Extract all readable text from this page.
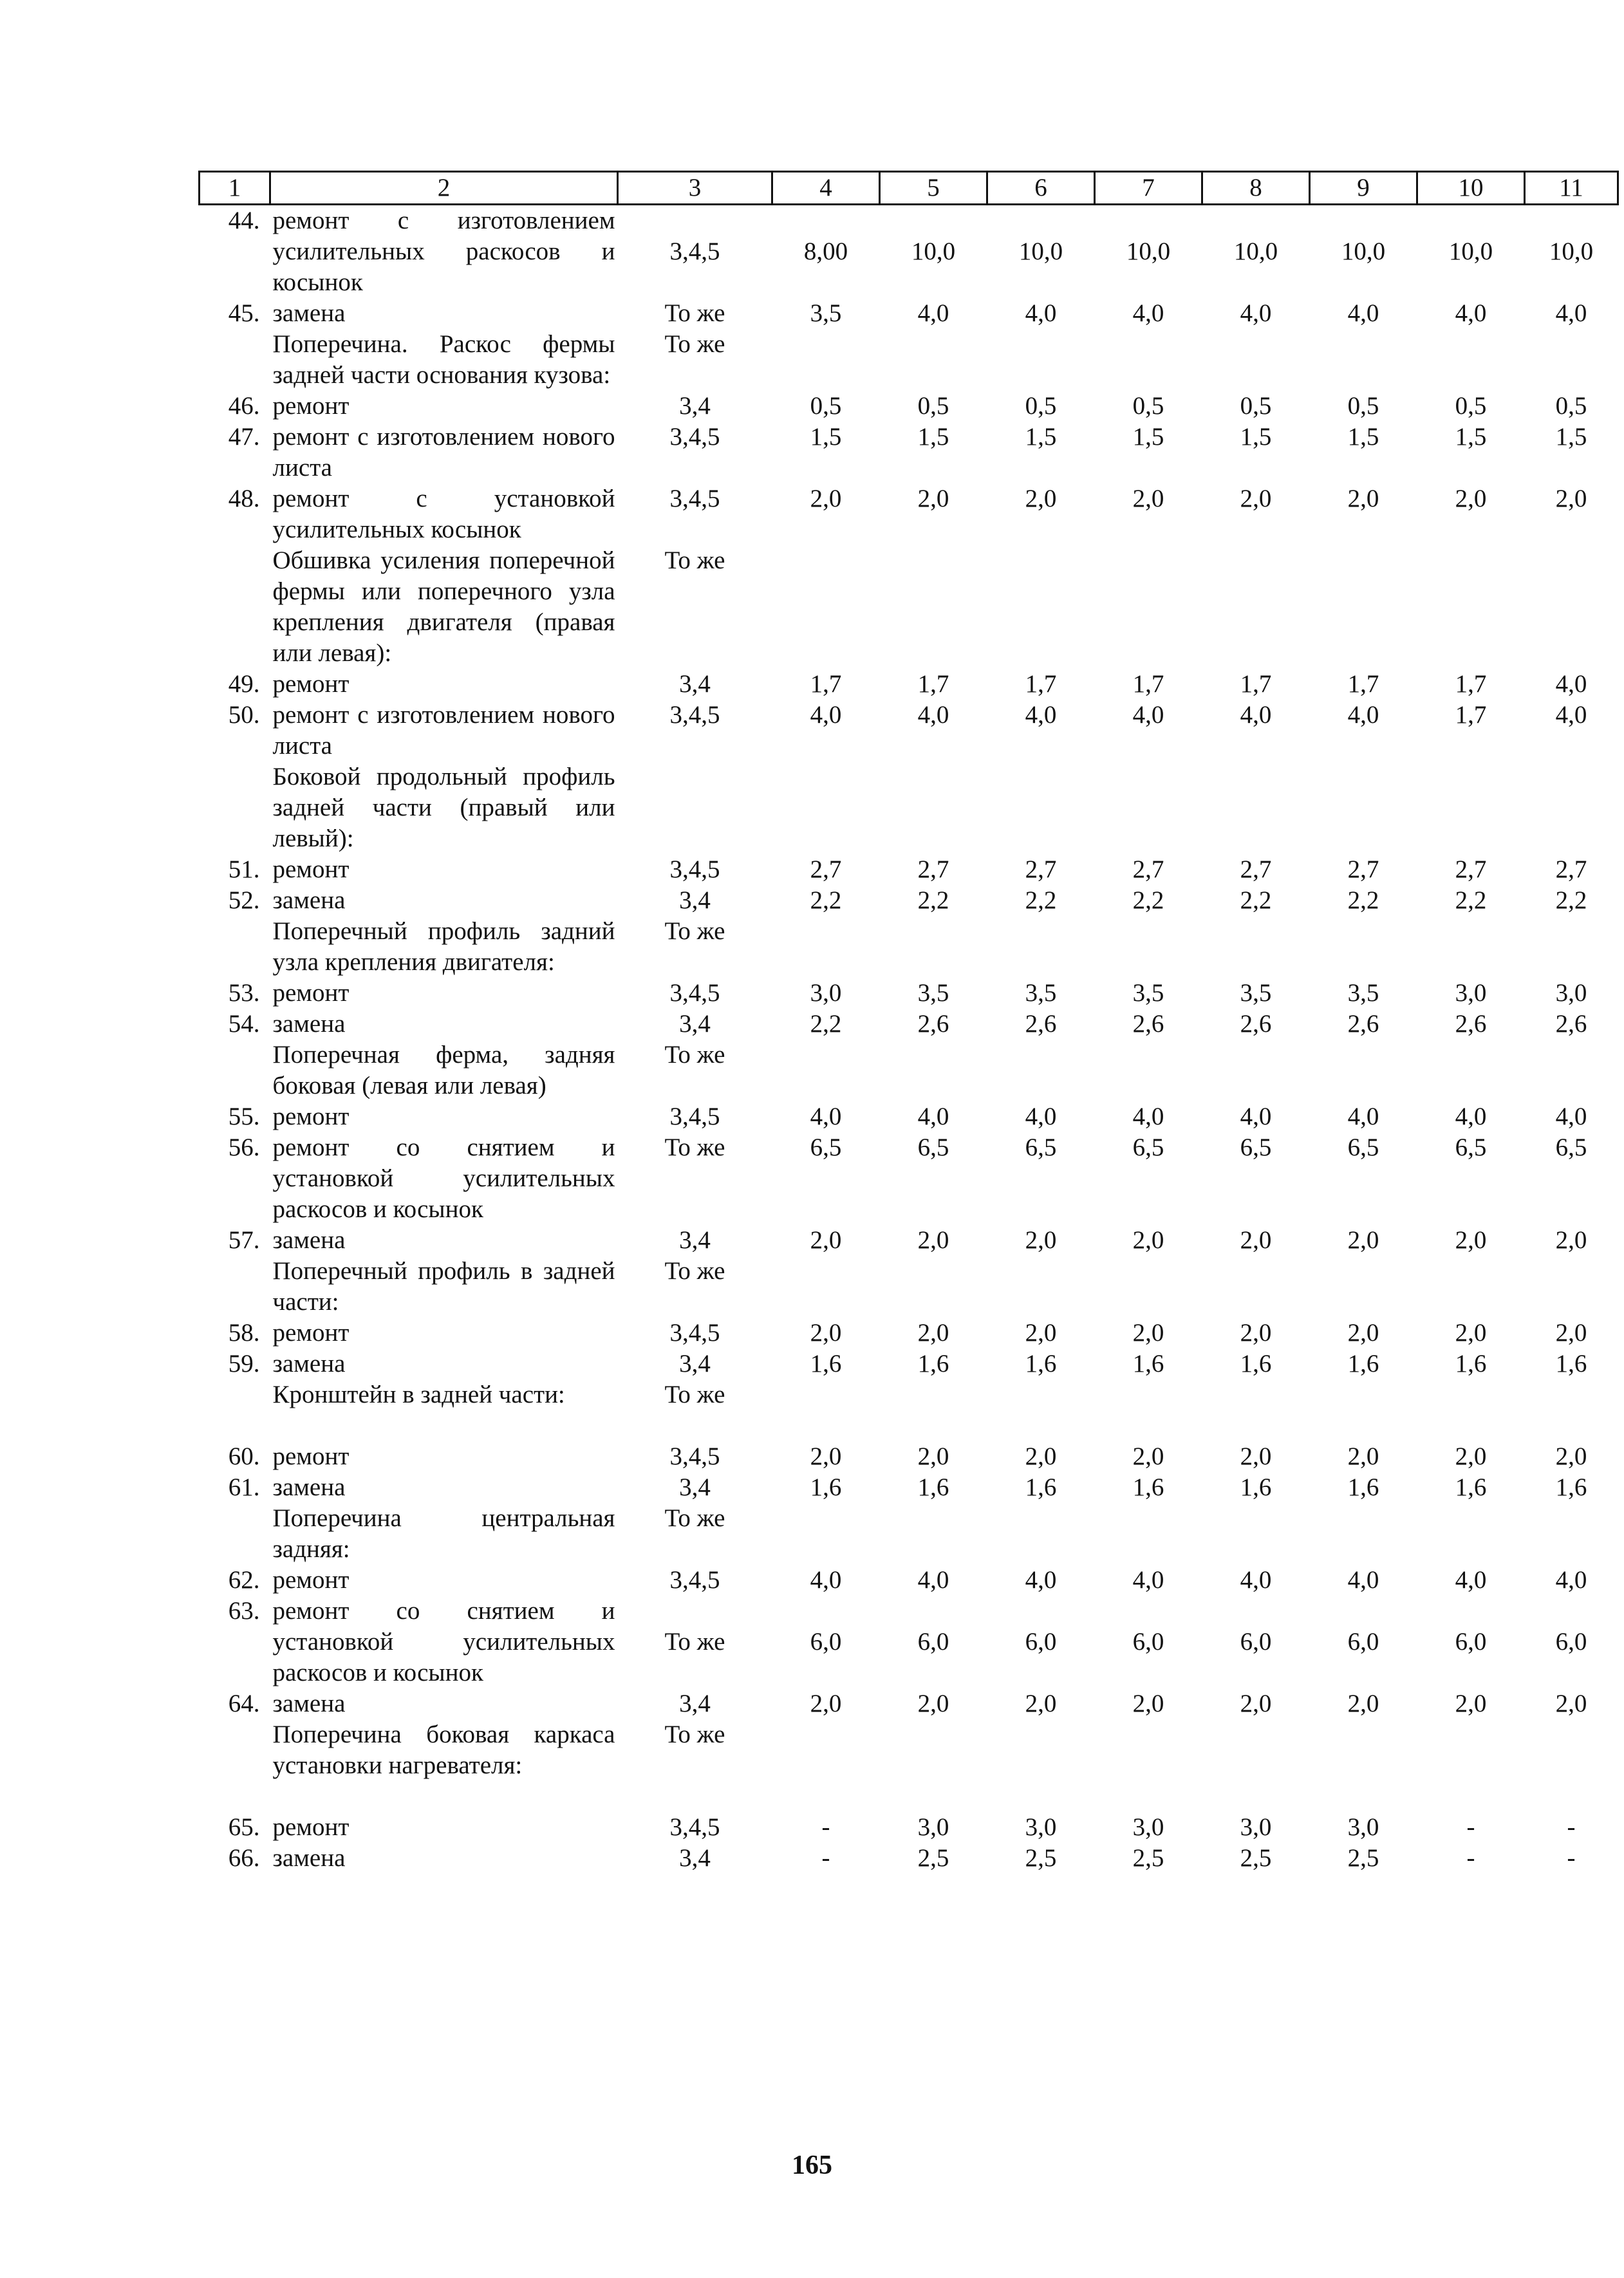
1	2	3	4	5	6	7	8	9	10	11
44.	ремонт с изготовлением усилительных раскосов и косынок	3,4,5	8,00	10,0	10,0	10,0	10,0	10,0	10,0	10,0
45.	замена	То же	3,5	4,0	4,0	4,0	4,0	4,0	4,0	4,0
	Поперечина. Раскос фермы задней части основания кузова:	То же								
46.	ремонт	3,4	0,5	0,5	0,5	0,5	0,5	0,5	0,5	0,5
47.	ремонт с изготовлением нового листа	3,4,5	1,5	1,5	1,5	1,5	1,5	1,5	1,5	1,5
48.	ремонт с установкой усилительных косынок	3,4,5	2,0	2,0	2,0	2,0	2,0	2,0	2,0	2,0
	Обшивка усиления поперечной фермы или поперечного узла крепления двигателя (правая или левая):	То же								
49.	ремонт	3,4	1,7	1,7	1,7	1,7	1,7	1,7	1,7	4,0
50.	ремонт с изготовлением нового листа	3,4,5	4,0	4,0	4,0	4,0	4,0	4,0	1,7	4,0
	Боковой продольный профиль задней части (правый или левый):									
51.	ремонт	3,4,5	2,7	2,7	2,7	2,7	2,7	2,7	2,7	2,7
52.	замена	3,4	2,2	2,2	2,2	2,2	2,2	2,2	2,2	2,2
	Поперечный профиль задний узла крепления двигателя:	То же								
53.	ремонт	3,4,5	3,0	3,5	3,5	3,5	3,5	3,5	3,0	3,0
54.	замена	3,4	2,2	2,6	2,6	2,6	2,6	2,6	2,6	2,6
	Поперечная ферма, задняя боковая (левая или левая)	То же								
55.	ремонт	3,4,5	4,0	4,0	4,0	4,0	4,0	4,0	4,0	4,0
56.	ремонт со снятием и установкой усилительных раскосов и косынок	То же	6,5	6,5	6,5	6,5	6,5	6,5	6,5	6,5
57.	замена	3,4	2,0	2,0	2,0	2,0	2,0	2,0	2,0	2,0
	Поперечный профиль в задней части:	То же								
58.	ремонт	3,4,5	2,0	2,0	2,0	2,0	2,0	2,0	2,0	2,0
59.	замена	3,4	1,6	1,6	1,6	1,6	1,6	1,6	1,6	1,6
	Кронштейн в задней части:	То же								

60.	ремонт	3,4,5	2,0	2,0	2,0	2,0	2,0	2,0	2,0	2,0
61.	замена	3,4	1,6	1,6	1,6	1,6	1,6	1,6	1,6	1,6
	Поперечина центральная задняя:	То же								
62.	ремонт	3,4,5	4,0	4,0	4,0	4,0	4,0	4,0	4,0	4,0
63.	ремонт со снятием и установкой усилительных раскосов и косынок	То же	6,0	6,0	6,0	6,0	6,0	6,0	6,0	6,0
64.	замена	3,4	2,0	2,0	2,0	2,0	2,0	2,0	2,0	2,0
	Поперечина боковая каркаса установки нагревателя:	То же								

65.	ремонт	3,4,5	-	3,0	3,0	3,0	3,0	3,0	-	-
66.	замена	3,4	-	2,5	2,5	2,5	2,5	2,5	-	-
165
